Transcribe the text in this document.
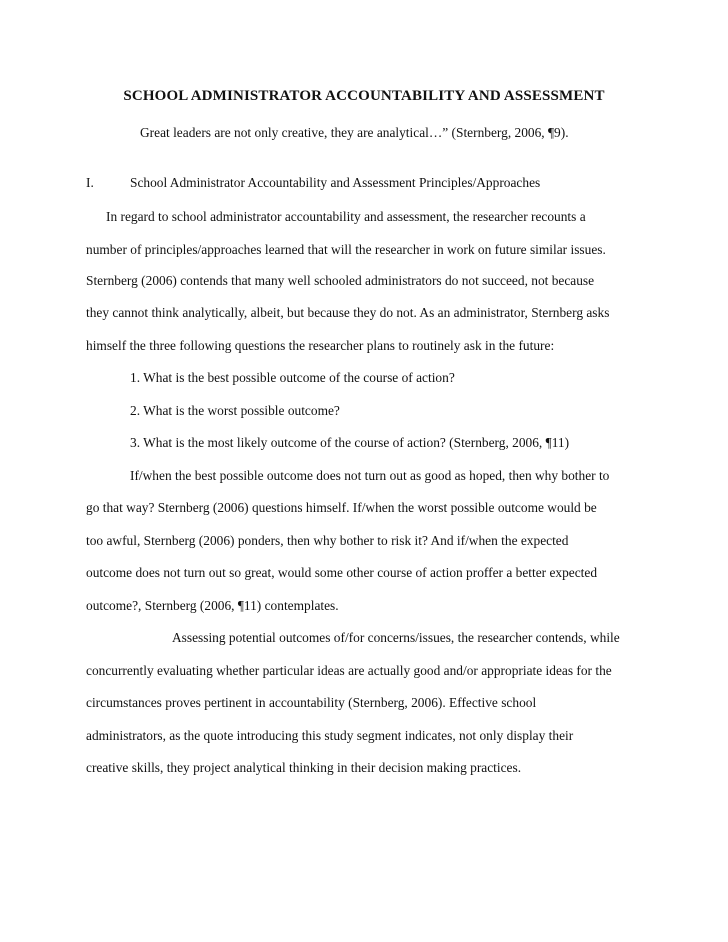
SCHOOL ADMINISTRATOR ACCOUNTABILITY AND ASSESSMENT
Great leaders are not only creative, they are analytical…” (Sternberg, 2006, ¶9).
I.	School Administrator Accountability and Assessment Principles/Approaches
In regard to school administrator accountability and assessment, the researcher recounts a
number of principles/approaches learned that will the researcher in work on future similar issues.
Sternberg (2006) contends that many well schooled administrators do not succeed, not because
they cannot think analytically, albeit, but because they do not. As an administrator, Sternberg asks
himself the three following questions the researcher plans to routinely ask in the future:
1. What is the best possible outcome of the course of action?
2. What is the worst possible outcome?
3. What is the most likely outcome of the course of action? (Sternberg, 2006, ¶11)
If/when the best possible outcome does not turn out as good as hoped, then why bother to
go that way? Sternberg (2006) questions himself. If/when the worst possible outcome would be
too awful, Sternberg (2006) ponders, then why bother to risk it? And if/when the expected
outcome does not turn out so great, would some other course of action proffer a better expected
outcome?, Sternberg (2006, ¶11) contemplates.
Assessing potential outcomes of/for concerns/issues, the researcher contends, while
concurrently evaluating whether particular ideas are actually good and/or appropriate ideas for the
circumstances proves pertinent in accountability (Sternberg, 2006). Effective school
administrators, as the quote introducing this study segment indicates, not only display their
creative skills, they project analytical thinking in their decision making practices.
